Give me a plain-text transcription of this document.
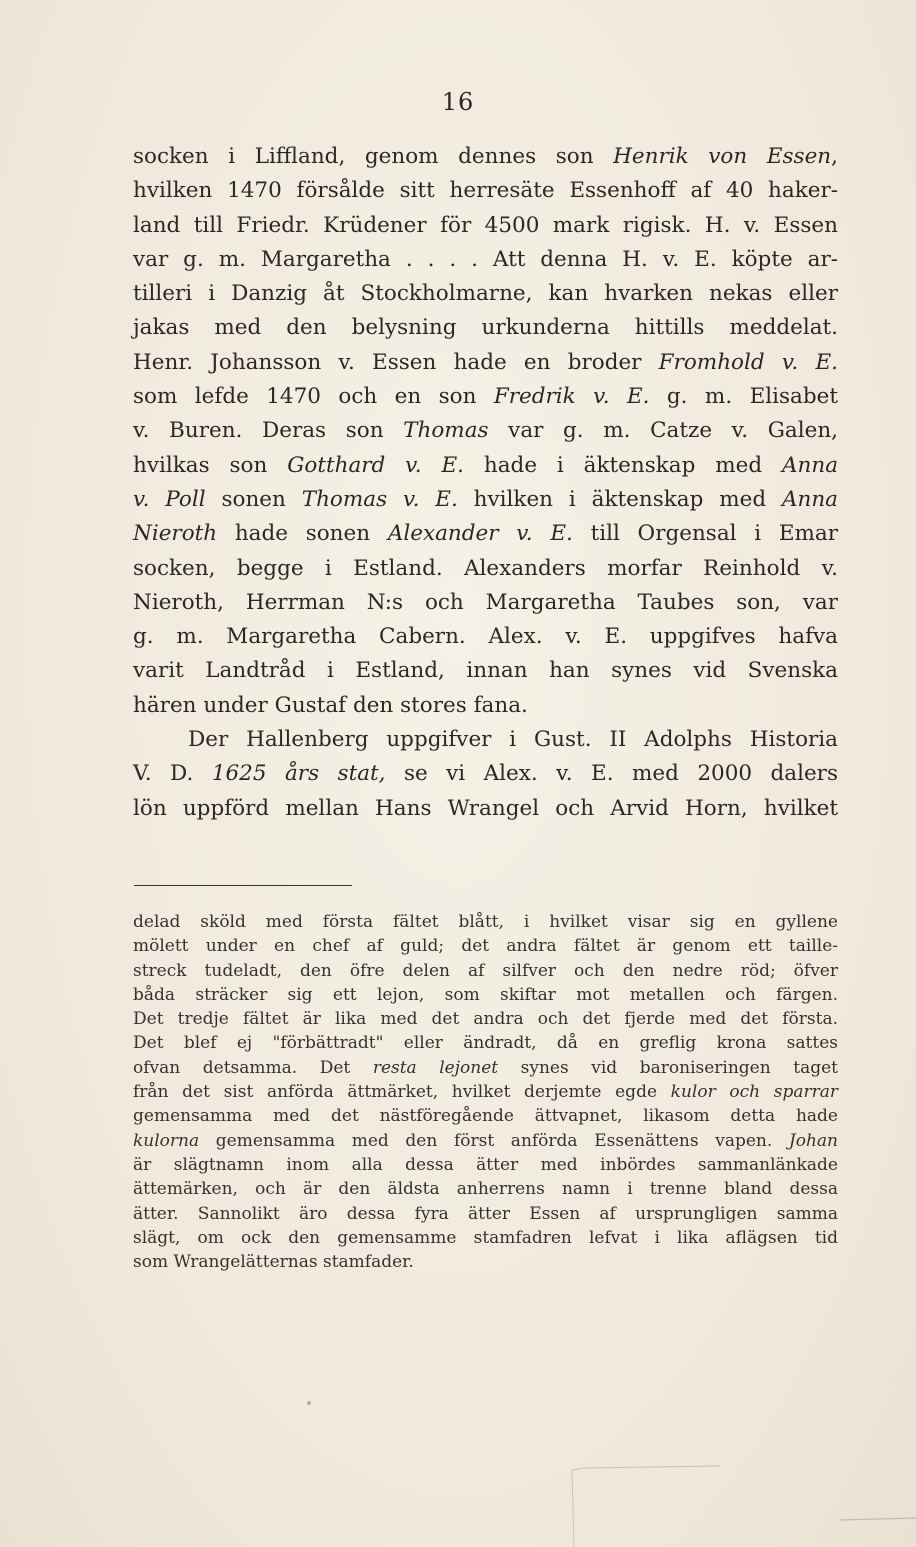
16
socken i Liffland, genom dennes son Henrik von Essen,
hvilken 1470 försålde sitt herresäte Essenhoff af 40 haker-
land till Friedr. Krüdener för 4500 mark rigisk. H. v. Essen
var g. m. Margaretha . . . . Att denna H. v. E. köpte ar-
tilleri i Danzig åt Stockholmarne, kan hvarken nekas eller
jakas med den belysning urkunderna hittills meddelat.
Henr. Johansson v. Essen hade en broder Fromhold v. E.
som lefde 1470 och en son Fredrik v. E. g. m. Elisabet
v. Buren. Deras son Thomas var g. m. Catze v. Galen,
hvilkas son Gotthard v. E. hade i äktenskap med Anna
v. Poll sonen Thomas v. E. hvilken i äktenskap med Anna
Nieroth hade sonen Alexander v. E. till Orgensal i Emar
socken, begge i Estland. Alexanders morfar Reinhold v.
Nieroth, Herrman N:s och Margaretha Taubes son, var
g. m. Margaretha Cabern. Alex. v. E. uppgifves hafva
varit Landtråd i Estland, innan han synes vid Svenska
hären under Gustaf den stores fana.
Der Hallenberg uppgifver i Gust. II Adolphs Historia
V. D. 1625 års stat, se vi Alex. v. E. med 2000 dalers
lön uppförd mellan Hans Wrangel och Arvid Horn, hvilket
delad sköld med första fältet blått, i hvilket visar sig en gyllene
mölett under en chef af guld; det andra fältet är genom ett taille-
streck tudeladt, den öfre delen af silfver och den nedre röd; öfver
båda sträcker sig ett lejon, som skiftar mot metallen och färgen.
Det tredje fältet är lika med det andra och det fjerde med det första.
Det blef ej "förbättradt" eller ändradt, då en greflig krona sattes
ofvan detsamma. Det resta lejonet synes vid baroniseringen taget
från det sist anförda ättmärket, hvilket derjemte egde kulor och sparrar
gemensamma med det nästföregående ättvapnet, likasom detta hade
kulorna gemensamma med den först anförda Essenättens vapen. Johan
är slägtnamn inom alla dessa ätter med inbördes sammanlänkade
ättemärken, och är den äldsta anherrens namn i trenne bland dessa
ätter. Sannolikt äro dessa fyra ätter Essen af ursprungligen samma
slägt, om ock den gemensamme stamfadren lefvat i lika aflägsen tid
som Wrangelätternas stamfader.
